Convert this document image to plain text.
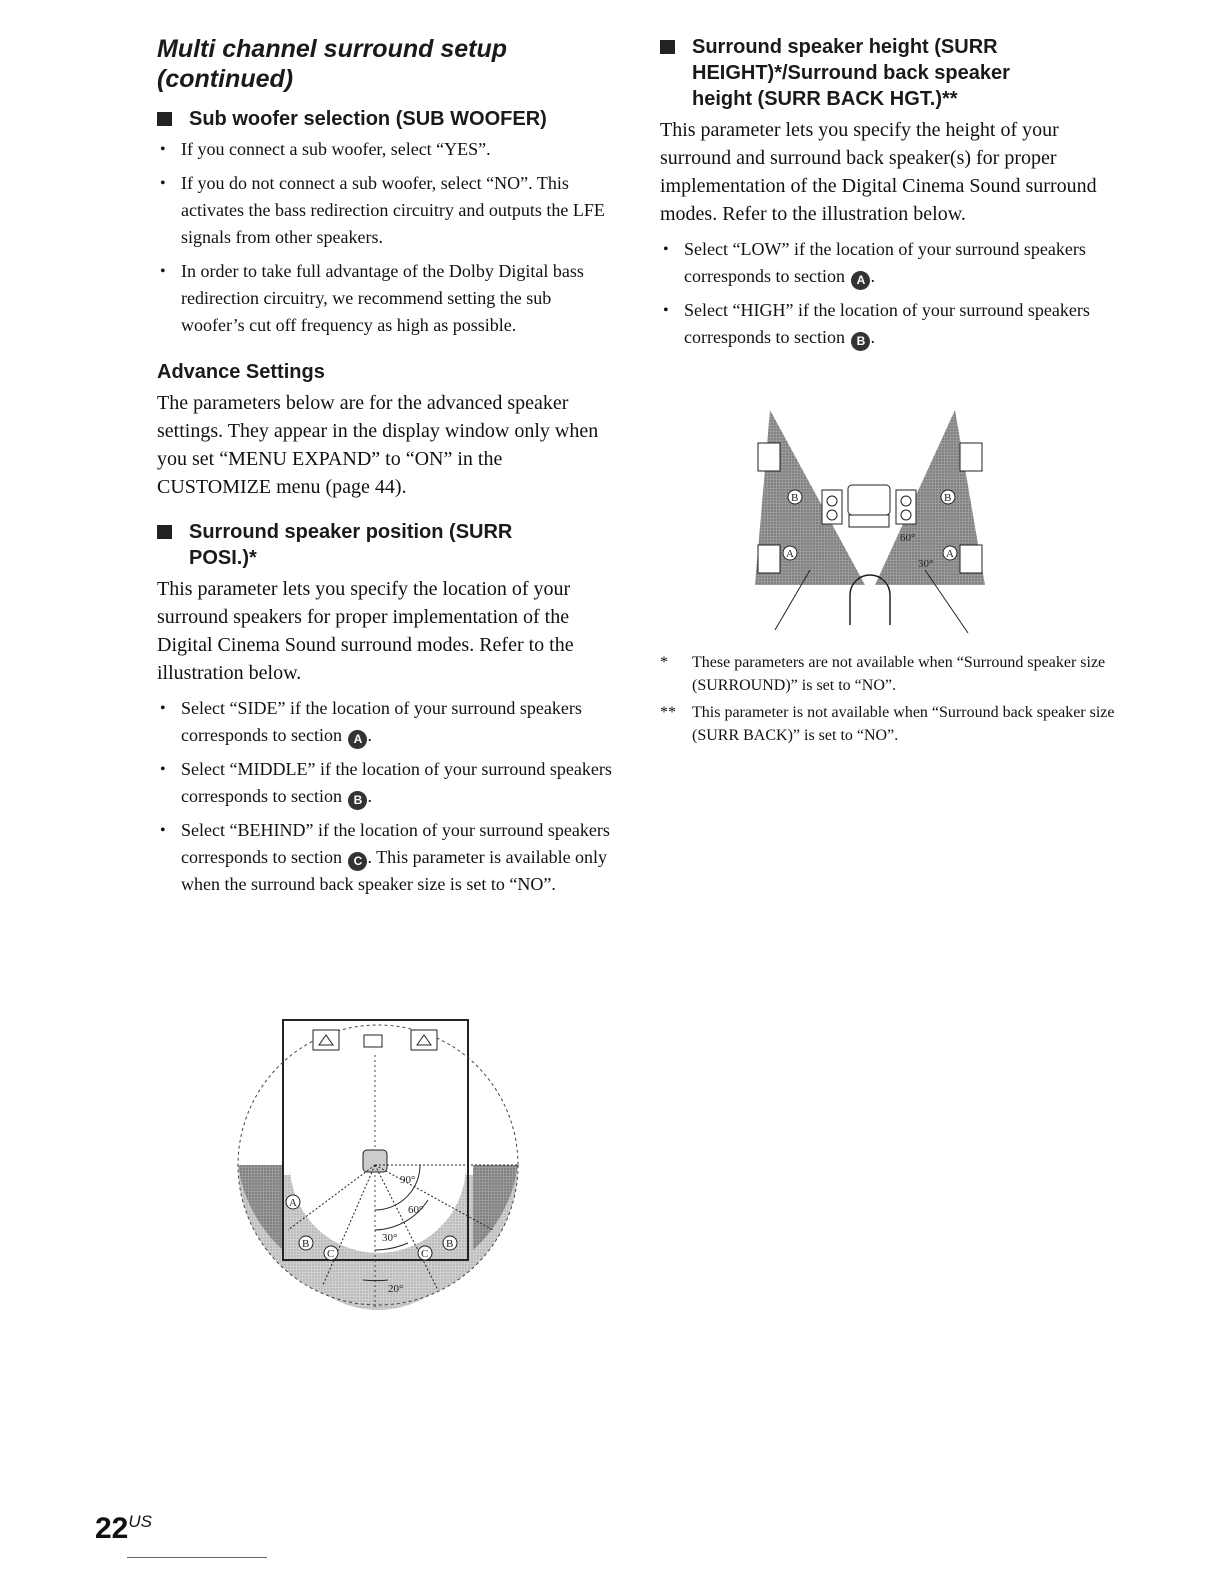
Multi channel surround setup
(continued)
Sub woofer selection (SUB WOOFER)
• If you connect a sub woofer, select “YES”.
• If you do not connect a sub woofer, select “NO”. This activates the bass redirection circuitry and outputs the LFE signals from other speakers.
• In order to take full advantage of the Dolby Digital bass redirection circuitry, we recommend setting the sub woofer’s cut off frequency as high as possible.
Advance Settings

The parameters below are for the advanced speaker settings. They appear in the display window only when you set “MENU EXPAND” to “ON” in the CUSTOMIZE menu (page 44).

Surround speaker position (SURR
POSI.)*

This parameter lets you specify the location of your surround speakers for proper implementation of the Digital Cinema Sound surround modes. Refer to the illustration below.

• Select “SIDE” if the location of your surround speakers corresponds to section A .
• Select “MIDDLE” if the location of your surround speakers corresponds to section B .
• Select “BEHIND” if the location of your surround speakers corresponds to section C . This parameter is available only when the surround back speaker size is set to “NO”.
90°
60°
30°
20°
A
B
C	C
B
Surround speaker height (SURR
HEIGHT)*/Surround back speaker
height (SURR BACK HGT.)**

This parameter lets you specify the height of your surround and surround back speaker(s) for proper implementation of the Digital Cinema Sound surround modes. Refer to the illustration below.

• Select “LOW” if the location of your surround speakers corresponds to section A .
• Select “HIGH” if the location of your surround speakers corresponds to section B .
* These parameters are not available when “Surround speaker size (SURROUND)” is set to “NO”.
** This parameter is not available when “Surround back speaker size (SURR BACK)” is set to “NO”.
60°
30°
B	B
A	A
$22^{US}$
